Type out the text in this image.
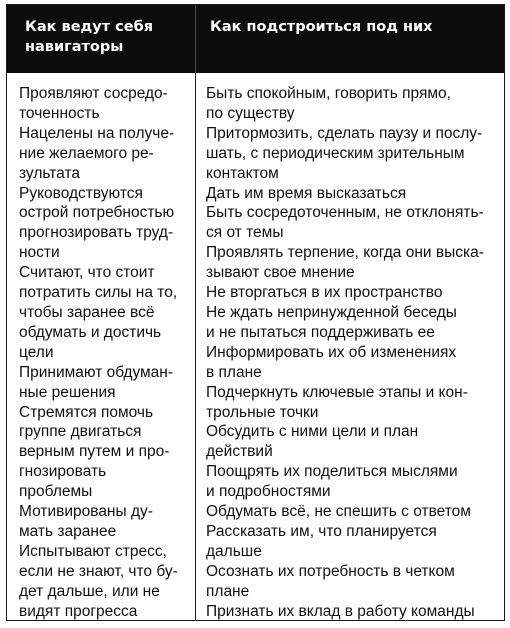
Как ведут себя
навигаторы
Как подстроиться под них
Проявляют сосредо-
точенность
Нацелены на получе-
ние желаемого ре-
зультата
Руководствуются
острой потребностью
прогнозировать труд-
ности
Считают, что стоит
потратить силы на то,
чтобы заранее всё
обдумать и достичь
цели
Принимают обдуман-
ные решения
Стремятся помочь
группе двигаться
верным путем и про-
гнозировать
проблемы
Мотивированы ду-
мать заранее
Испытывают стресс,
если не знают, что бу-
дет дальше, или не
видят прогресса
Быть спокойным, говорить прямо,
по существу
Притормозить, сделать паузу и послу-
шать, с периодическим зрительным
контактом
Дать им время высказаться
Быть сосредоточенным, не отклонять-
ся от темы
Проявлять терпение, когда они выска-
зывают свое мнение
Не вторгаться в их пространство
Не ждать непринужденной беседы
и не пытаться поддерживать ее
Информировать их об изменениях
в плане
Подчеркнуть ключевые этапы и кон-
трольные точки
Обсудить с ними цели и план
действий
Поощрять их поделиться мыслями
и подробностями
Обдумать всё, не спешить с ответом
Рассказать им, что планируется
дальше
Осознать их потребность в четком
плане
Признать их вклад в работу команды
